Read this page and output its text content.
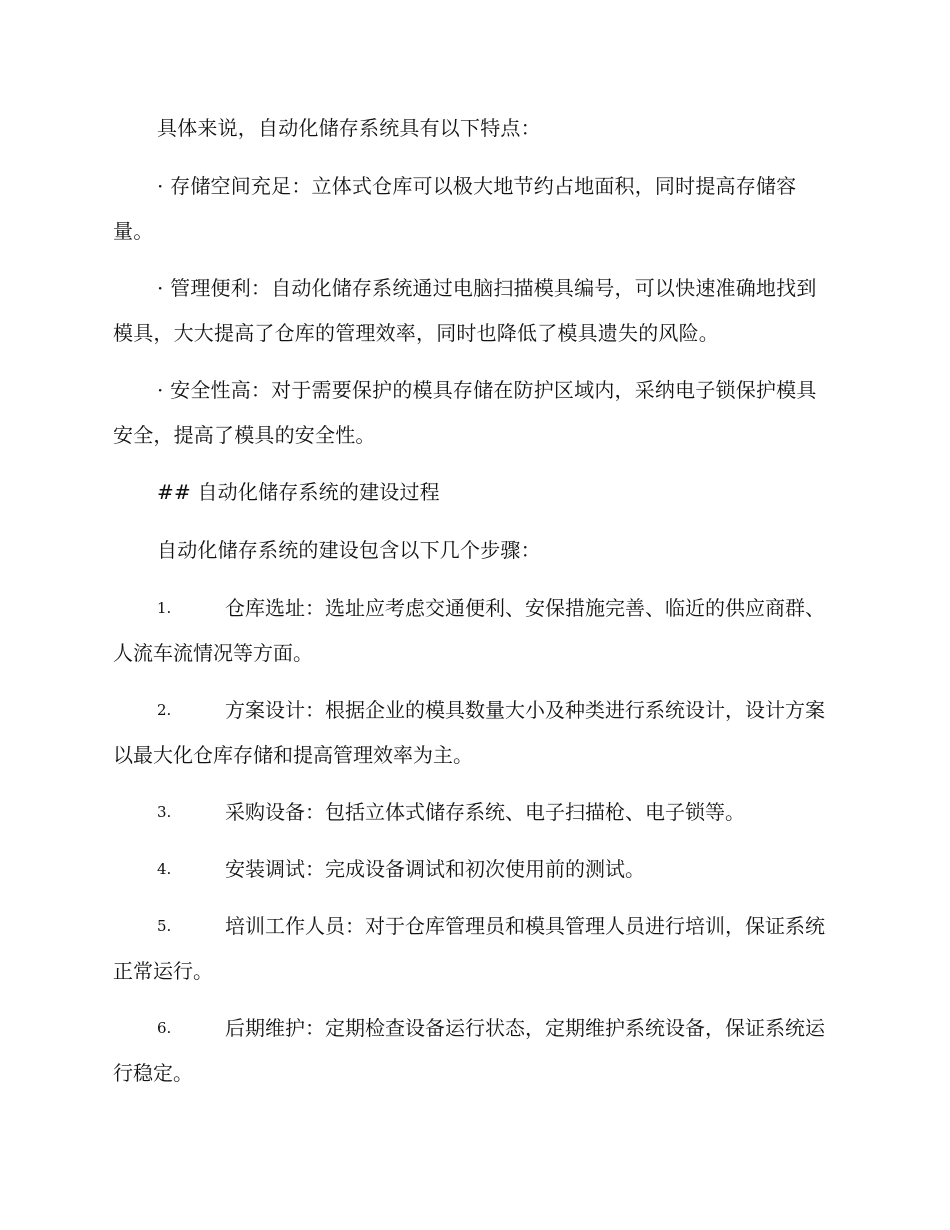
具体来说，自动化储存系统具有以下特点：

· 存储空间充足：立体式仓库可以极大地节约占地面积，同时提高存储容量。

· 管理便利：自动化储存系统通过电脑扫描模具编号，可以快速准确地找到模具，大大提高了仓库的管理效率，同时也降低了模具遗失的风险。

· 安全性高：对于需要保护的模具存储在防护区域内，采纳电子锁保护模具安全，提高了模具的安全性。

## 自动化储存系统的建设过程

自动化储存系统的建设包含以下几个步骤：

1.	仓库选址：选址应考虑交通便利、安保措施完善、临近的供应商群、人流车流情况等方面。
2.	方案设计：根据企业的模具数量大小及种类进行系统设计，设计方案以最大化仓库存储和提高管理效率为主。
3.	采购设备：包括立体式储存系统、电子扫描枪、电子锁等。
4.	安装调试：完成设备调试和初次使用前的测试。
5.	培训工作人员：对于仓库管理员和模具管理人员进行培训，保证系统正常运行。
6.	后期维护：定期检查设备运行状态，定期维护系统设备，保证系统运行稳定。
